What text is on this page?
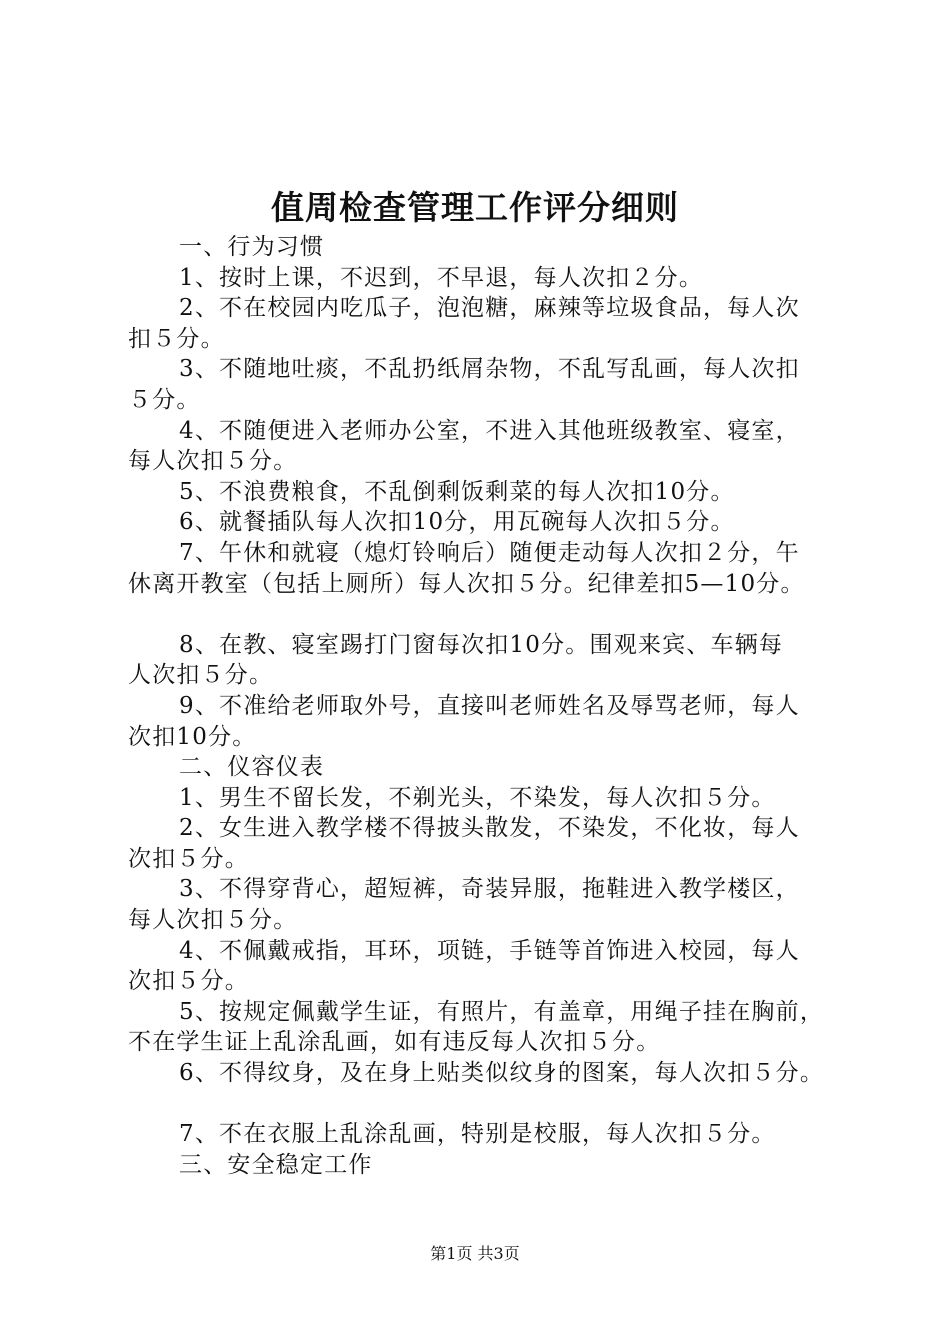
值周检查管理工作评分细则
一、行为习惯
1、按时上课，不迟到，不早退，每人次扣２分。
2、不在校园内吃瓜子，泡泡糖，麻辣等垃圾食品，每人次
扣５分。
3、不随地吐痰，不乱扔纸屑杂物，不乱写乱画，每人次扣
５分。
4、不随便进入老师办公室，不进入其他班级教室、寝室，
每人次扣５分。
5、不浪费粮食，不乱倒剩饭剩菜的每人次扣10分。
6、就餐插队每人次扣10分，用瓦碗每人次扣５分。
7、午休和就寝（熄灯铃响后）随便走动每人次扣２分，午
休离开教室（包括上厕所）每人次扣５分。纪律差扣5—10分。
8、在教、寝室踢打门窗每次扣10分。围观来宾、车辆每
人次扣５分。
9、不准给老师取外号，直接叫老师姓名及辱骂老师，每人
次扣10分。
二、仪容仪表
1、男生不留长发，不剃光头，不染发，每人次扣５分。
2、女生进入教学楼不得披头散发，不染发，不化妆，每人
次扣５分。
3、不得穿背心，超短裤，奇装异服，拖鞋进入教学楼区，
每人次扣５分。
4、不佩戴戒指，耳环，项链，手链等首饰进入校园，每人
次扣５分。
5、按规定佩戴学生证，有照片，有盖章，用绳子挂在胸前，
不在学生证上乱涂乱画，如有违反每人次扣５分。
6、不得纹身，及在身上贴类似纹身的图案，每人次扣５分。
7、不在衣服上乱涂乱画，特别是校服，每人次扣５分。
三、安全稳定工作
第1页 共3页
